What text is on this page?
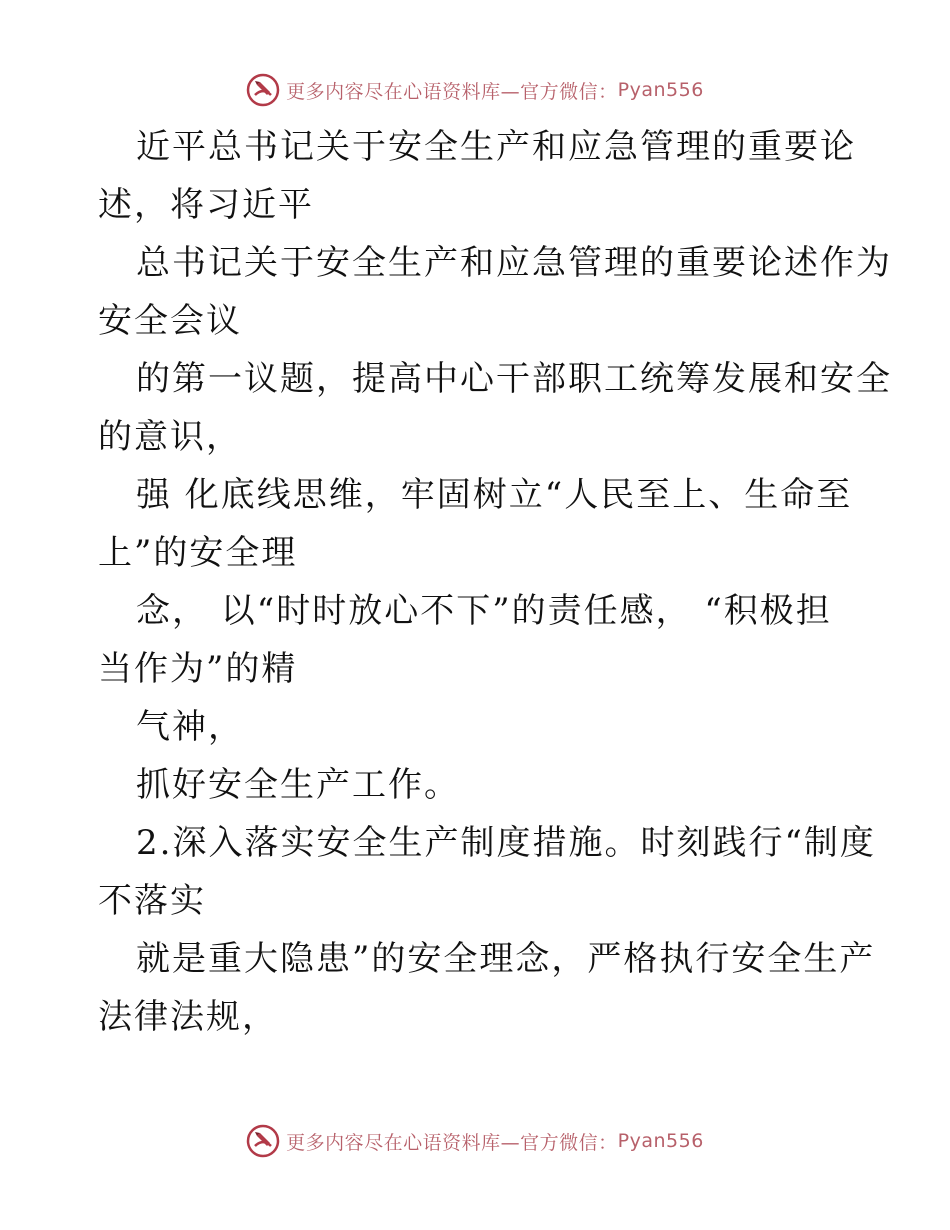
更多内容尽在心语资料库—官方微信： Pyan556
近平总书记关于安全生产和应急管理的重要论
述，将习近平
总书记关于安全生产和应急管理的重要论述作为
安全会议
的第一议题，提高中心干部职工统筹发展和安全
的意识，
强 化底线思维，牢固树立“人民至上、生命至
上”的安全理
念， 以“时时放心不下”的责任感， “积极担
当作为”的精
气神，
抓好安全生产工作。
2.深入落实安全生产制度措施。时刻践行“制度
不落实
就是重大隐患”的安全理念，严格执行安全生产
法律法规，
更多内容尽在心语资料库—官方微信： Pyan556
